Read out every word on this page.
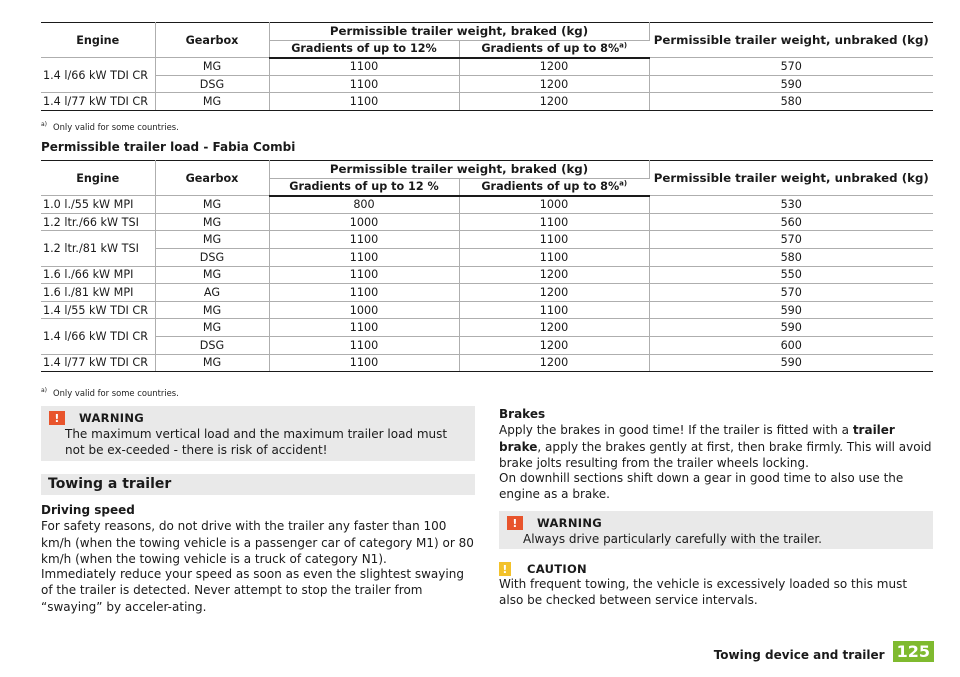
Engine	Gearbox	Permissible trailer weight, braked (kg)		Permissible trailer weight, unbraked (kg)
		Gradients of up to 12%	Gradients of up to 8%$^{a)}$
1.4 l/66 kW TDI CR	MG	1100	1200	570
	DSG	1100	1200	590
1.4 l/77 kW TDI CR	MG	1100	1200	580
$^{a)}$ Only valid for some countries.
Permissible trailer load - Fabia Combi
Engine	Gearbox	Permissible trailer weight, braked (kg)		Permissible trailer weight, unbraked (kg)
		Gradients of up to 12 %	Gradients of up to 8%$^{a)}$
1.0 l./55 kW MPI	MG	800	1000	530
1.2 ltr./66 kW TSI	MG	1000	1100	560
1.2 ltr./81 kW TSI	MG	1100	1100	570
	DSG	1100	1100	580
1.6 l./66 kW MPI	MG	1100	1200	550
1.6 l./81 kW MPI	AG	1100	1200	570
1.4 l/55 kW TDI CR	MG	1000	1100	590
1.4 l/66 kW TDI CR	MG	1100	1200	590
	DSG	1100	1200	600
1.4 l/77 kW TDI CR	MG	1100	1200	590
$^{a)}$ Only valid for some countries.
!	WARNING
The maximum vertical load and the maximum trailer load must not be ex-ceeded - there is risk of accident!
Towing a trailer
Driving speed
For safety reasons, do not drive with the trailer any faster than 100 km/h (when the towing vehicle is a passenger car of category M1) or 80 km/h (when the towing vehicle is a truck of category N1).
Immediately reduce your speed as soon as even the slightest swaying of the trailer is detected. Never attempt to stop the trailer from “swaying” by acceler-ating.
Brakes
Apply the brakes in good time! If the trailer is fitted with a trailer brake, apply the brakes gently at first, then brake firmly. This will avoid brake jolts resulting from the trailer wheels locking.
On downhill sections shift down a gear in good time to also use the engine as a brake.
!	WARNING
Always drive particularly carefully with the trailer.
! CAUTION
With frequent towing, the vehicle is excessively loaded so this must also be checked between service intervals.
Towing device and trailer 125
